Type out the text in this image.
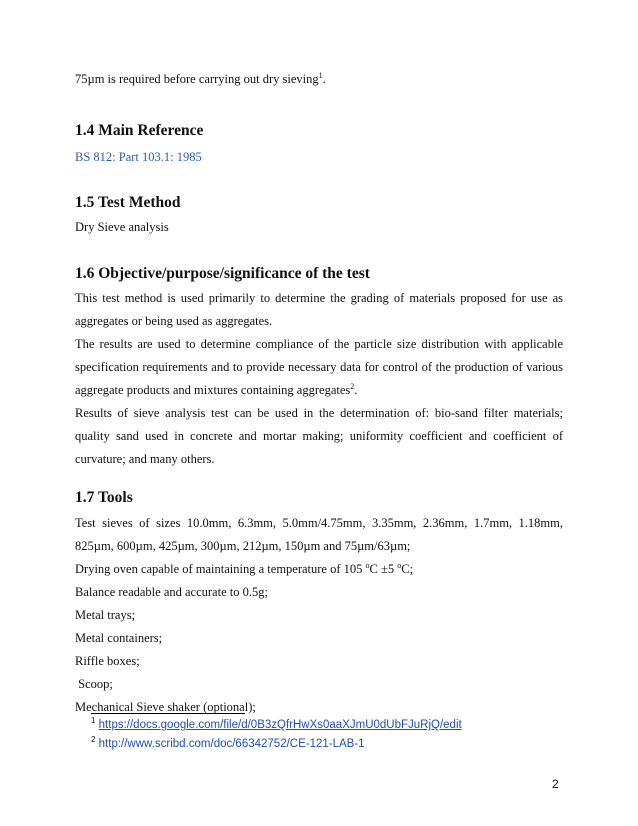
75µm is required before carrying out dry sieving$^1$.

1.4 Main Reference

BS 812: Part 103.1: 1985

1.5 Test Method

Dry Sieve analysis

1.6 Objective/purpose/significance of the test

This test method is used primarily to determine the grading of materials proposed for use as

aggregates or being used as aggregates.

The results are used to determine compliance of the particle size distribution with applicable

specification requirements and to provide necessary data for control of the production of various

aggregate products and mixtures containing aggregates$^2$.

Results of sieve analysis test can be used in the determination of: bio-sand filter materials;

quality sand used in concrete and mortar making; uniformity coefficient and coefficient of

curvature; and many others.

1.7 Tools

Test sieves of sizes 10.0mm, 6.3mm, 5.0mm/4.75mm, 3.35mm, 2.36mm, 1.7mm, 1.18mm,

825µm, 600µm, 425µm, 300µm, 212µm, 150µm and 75µm/63µm;

Drying oven capable of maintaining a temperature of 105 $^o$C ±5 $^o$C;

Balance readable and accurate to 0.5g;

Metal trays;

Metal containers;

Riffle boxes;

Scoop;

Mechanical Sieve shaker (optional);

$^1$ https://docs.google.com/file/d/0B3zQfrHwXs0aaXJmU0dUbFJuRjQ/edit
$^2$ http://www.scribd.com/doc/66342752/CE-121-LAB-1
2
